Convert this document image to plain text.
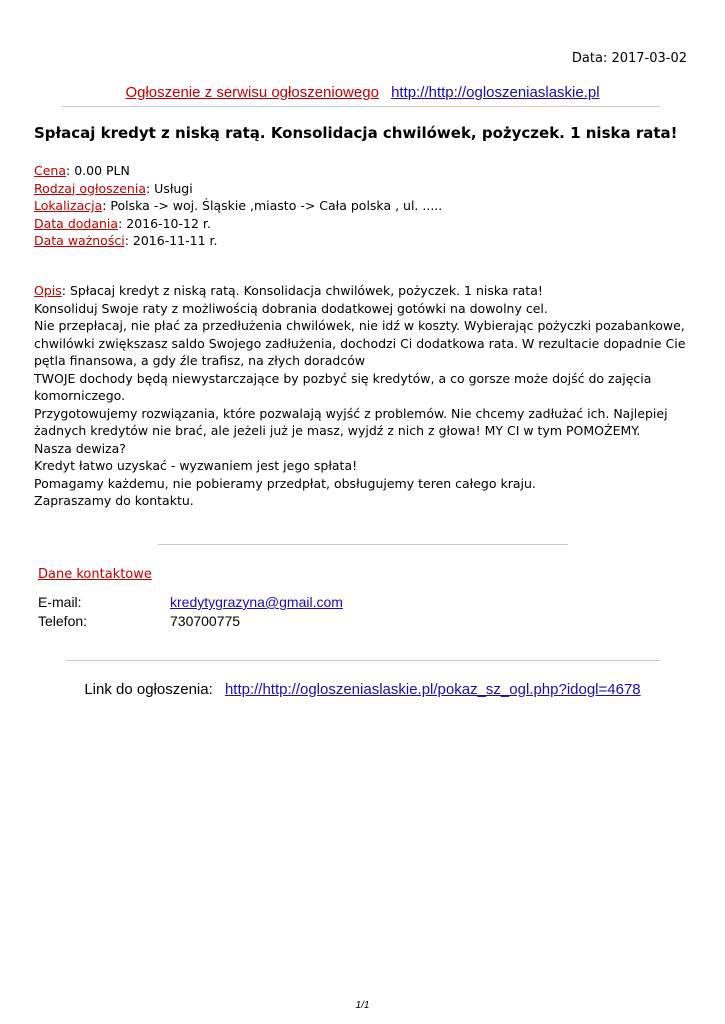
Data: 2017-03-02
Ogłoszenie z serwisu ogłoszeniowego http://http://ogloszeniaslaskie.pl
Spłacaj kredyt z niską ratą. Konsolidacja chwilówek, pożyczek. 1 niska rata!
Cena: 0.00 PLN
Rodzaj ogłoszenia: Usługi
Lokalizacja: Polska -> woj. Śląskie ,miasto -> Cała polska , ul. .....
Data dodania: 2016-10-12 r.
Data ważności: 2016-11-11 r.

Opis: Spłacaj kredyt z niską ratą. Konsolidacja chwilówek, pożyczek. 1 niska rata!

Konsoliduj Swoje raty z możliwością dobrania dodatkowej gotówki na dowolny cel.

Nie przepłacaj, nie płać za przedłużenia chwilówek, nie idź w koszty. Wybierając pożyczki pozabankowe,

chwilówki zwiększasz saldo Swojego zadłużenia, dochodzi Ci dodatkowa rata. W rezultacie dopadnie Cie

pętla finansowa, a gdy źle trafisz, na złych doradców

TWOJE dochody będą niewystarczające by pozbyć się kredytów, a co gorsze może dojść do zajęcia

komorniczego.

Przygotowujemy rozwiązania, które pozwalają wyjść z problemów. Nie chcemy zadłużać ich. Najlepiej

żadnych kredytów nie brać, ale jeżeli już je masz, wyjdź z nich z głowa! MY CI w tym POMOŻEMY.

Nasza dewiza?

Kredyt łatwo uzyskać - wyzwaniem jest jego spłata!

Pomagamy każdemu, nie pobieramy przedpłat, obsługujemy teren całego kraju.

Zapraszamy do kontaktu.

Dane kontaktowe
E-mail:	kredytygrazyna@gmail.com
Telefon:	730700775
Link do ogłoszenia: http://http://ogloszeniaslaskie.pl/pokaz_sz_ogl.php?idogl=4678
1/1
